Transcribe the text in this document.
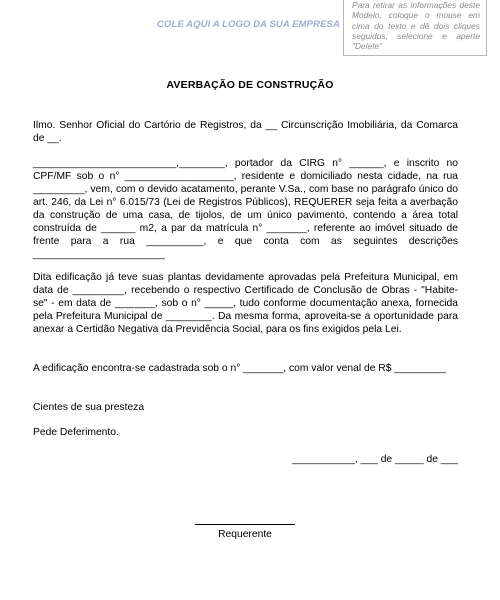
COLE AQUI A LOGO DA SUA EMPRESA
Para retirar as informações deste Modelo, coloque o mouse em cima do texto e dê dois cliques seguidos, selecione e aperte "Delete"
AVERBAÇÃO DE CONSTRUÇÃO
Ilmo. Senhor Oficial do Cartório de Registros, da __ Circunscrição Imobiliária, da Comarca de __.
_________________________,________, portador da CIRG n° ______, e inscrito no CPF/MF sob o n° ___________________, residente e domiciliado nesta cidade, na rua _________, vem, com o devido acatamento, perante V.Sa., com base no parágrafo único do art. 246, da Lei n° 6.015/73 (Lei de Registros Públicos), REQUERER seja feita a averbação da construção de uma casa, de tijolos, de um único pavimento, contendo a área total construída de ______ m2, a par da matrícula n° _______, referente ao imóvel situado de frente para a rua __________, e que conta com as seguintes descrições _______________________
Dita edificação já teve suas plantas devidamente aprovadas pela Prefeitura Municipal, em data de _________, recebendo o respectivo Certificado de Conclusão de Obras - "Habite-se" - em data de _______, sob o n° _____, tudo conforme documentação anexa, fornecida pela Prefeitura Municipal de ________. Da mesma forma, aproveita-se a oportunidade para anexar a Certidão Negativa da Previdência Social, para os fins exigidos pela Lei.
A edificação encontra-se cadastrada sob o n° _______, com valor venal de R$ _________
Cientes de sua presteza
Pede Deferimento.
___________, ___ de _____ de ___
Requerente
